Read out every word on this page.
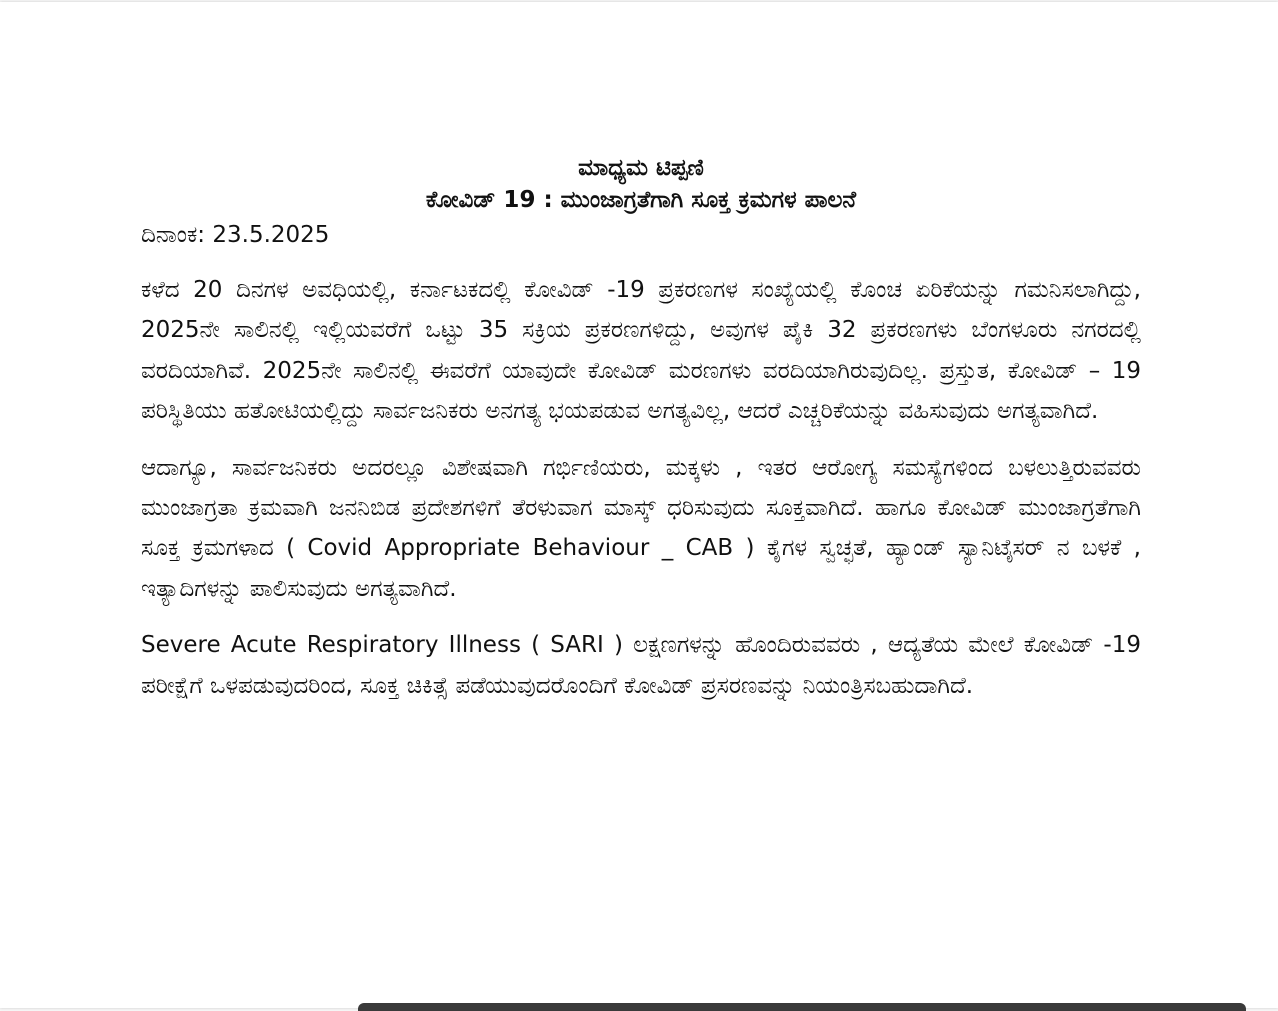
ಮಾಧ್ಯಮ ಟಿಪ್ಪಣಿ

ಕೋವಿಡ್ 19 : ಮುಂಜಾಗ್ರತೆಗಾಗಿ ಸೂಕ್ತ ಕ್ರಮಗಳ ಪಾಲನೆ

ದಿನಾಂಕ: 23.5.2025

ಕಳೆದ 20 ದಿನಗಳ ಅವಧಿಯಲ್ಲಿ, ಕರ್ನಾಟಕದಲ್ಲಿ ಕೋವಿಡ್ -19 ಪ್ರಕರಣಗಳ ಸಂಖ್ಯೆಯಲ್ಲಿ ಕೊಂಚ ಏರಿಕೆಯನ್ನು ಗಮನಿಸಲಾಗಿದ್ದು, 2025ನೇ ಸಾಲಿನಲ್ಲಿ ಇಲ್ಲಿಯವರೆಗೆ ಒಟ್ಟು 35 ಸಕ್ರಿಯ ಪ್ರಕರಣಗಳಿದ್ದು, ಅವುಗಳ ಪೈಕಿ 32 ಪ್ರಕರಣಗಳು ಬೆಂಗಳೂರು ನಗರದಲ್ಲಿ ವರದಿಯಾಗಿವೆ. 2025ನೇ ಸಾಲಿನಲ್ಲಿ ಈವರೆಗೆ ಯಾವುದೇ ಕೋವಿಡ್ ಮರಣಗಳು ವರದಿಯಾಗಿರುವುದಿಲ್ಲ. ಪ್ರಸ್ತುತ, ಕೋವಿಡ್ – 19 ಪರಿಸ್ಥಿತಿಯು ಹತೋಟಿಯಲ್ಲಿದ್ದು ಸಾರ್ವಜನಿಕರು ಅನಗತ್ಯ ಭಯಪಡುವ ಅಗತ್ಯವಿಲ್ಲ, ಆದರೆ ಎಚ್ಚರಿಕೆಯನ್ನು ವಹಿಸುವುದು ಅಗತ್ಯವಾಗಿದೆ.

ಆದಾಗ್ಯೂ, ಸಾರ್ವಜನಿಕರು ಅದರಲ್ಲೂ ವಿಶೇಷವಾಗಿ ಗರ್ಭಿಣಿಯರು, ಮಕ್ಕಳು , ಇತರ ಆರೋಗ್ಯ ಸಮಸ್ಯೆಗಳಿಂದ ಬಳಲುತ್ತಿರುವವರು ಮುಂಜಾಗ್ರತಾ ಕ್ರಮವಾಗಿ ಜನನಿಬಿಡ ಪ್ರದೇಶಗಳಿಗೆ ತೆರಳುವಾಗ ಮಾಸ್ಕ್ ಧರಿಸುವುದು ಸೂಕ್ತವಾಗಿದೆ. ಹಾಗೂ ಕೋವಿಡ್ ಮುಂಜಾಗ್ರತೆಗಾಗಿ ಸೂಕ್ತ ಕ್ರಮಗಳಾದ ( Covid Appropriate Behaviour _ CAB ) ಕೈಗಳ ಸ್ವಚ್ಛತೆ, ಹ್ಯಾಂಡ್ ಸ್ಯಾನಿಟೈಸರ್ ನ ಬಳಕೆ , ಇತ್ಯಾದಿಗಳನ್ನು ಪಾಲಿಸುವುದು ಅಗತ್ಯವಾಗಿದೆ.

Severe Acute Respiratory Illness ( SARI ) ಲಕ್ಷಣಗಳನ್ನು ಹೊಂದಿರುವವರು , ಆದ್ಯತೆಯ ಮೇಲೆ ಕೋವಿಡ್ -19 ಪರೀಕ್ಷೆಗೆ ಒಳಪಡುವುದರಿಂದ, ಸೂಕ್ತ ಚಿಕಿತ್ಸೆ ಪಡೆಯುವುದರೊಂದಿಗೆ ಕೋವಿಡ್ ಪ್ರಸರಣವನ್ನು ನಿಯಂತ್ರಿಸಬಹುದಾಗಿದೆ.
